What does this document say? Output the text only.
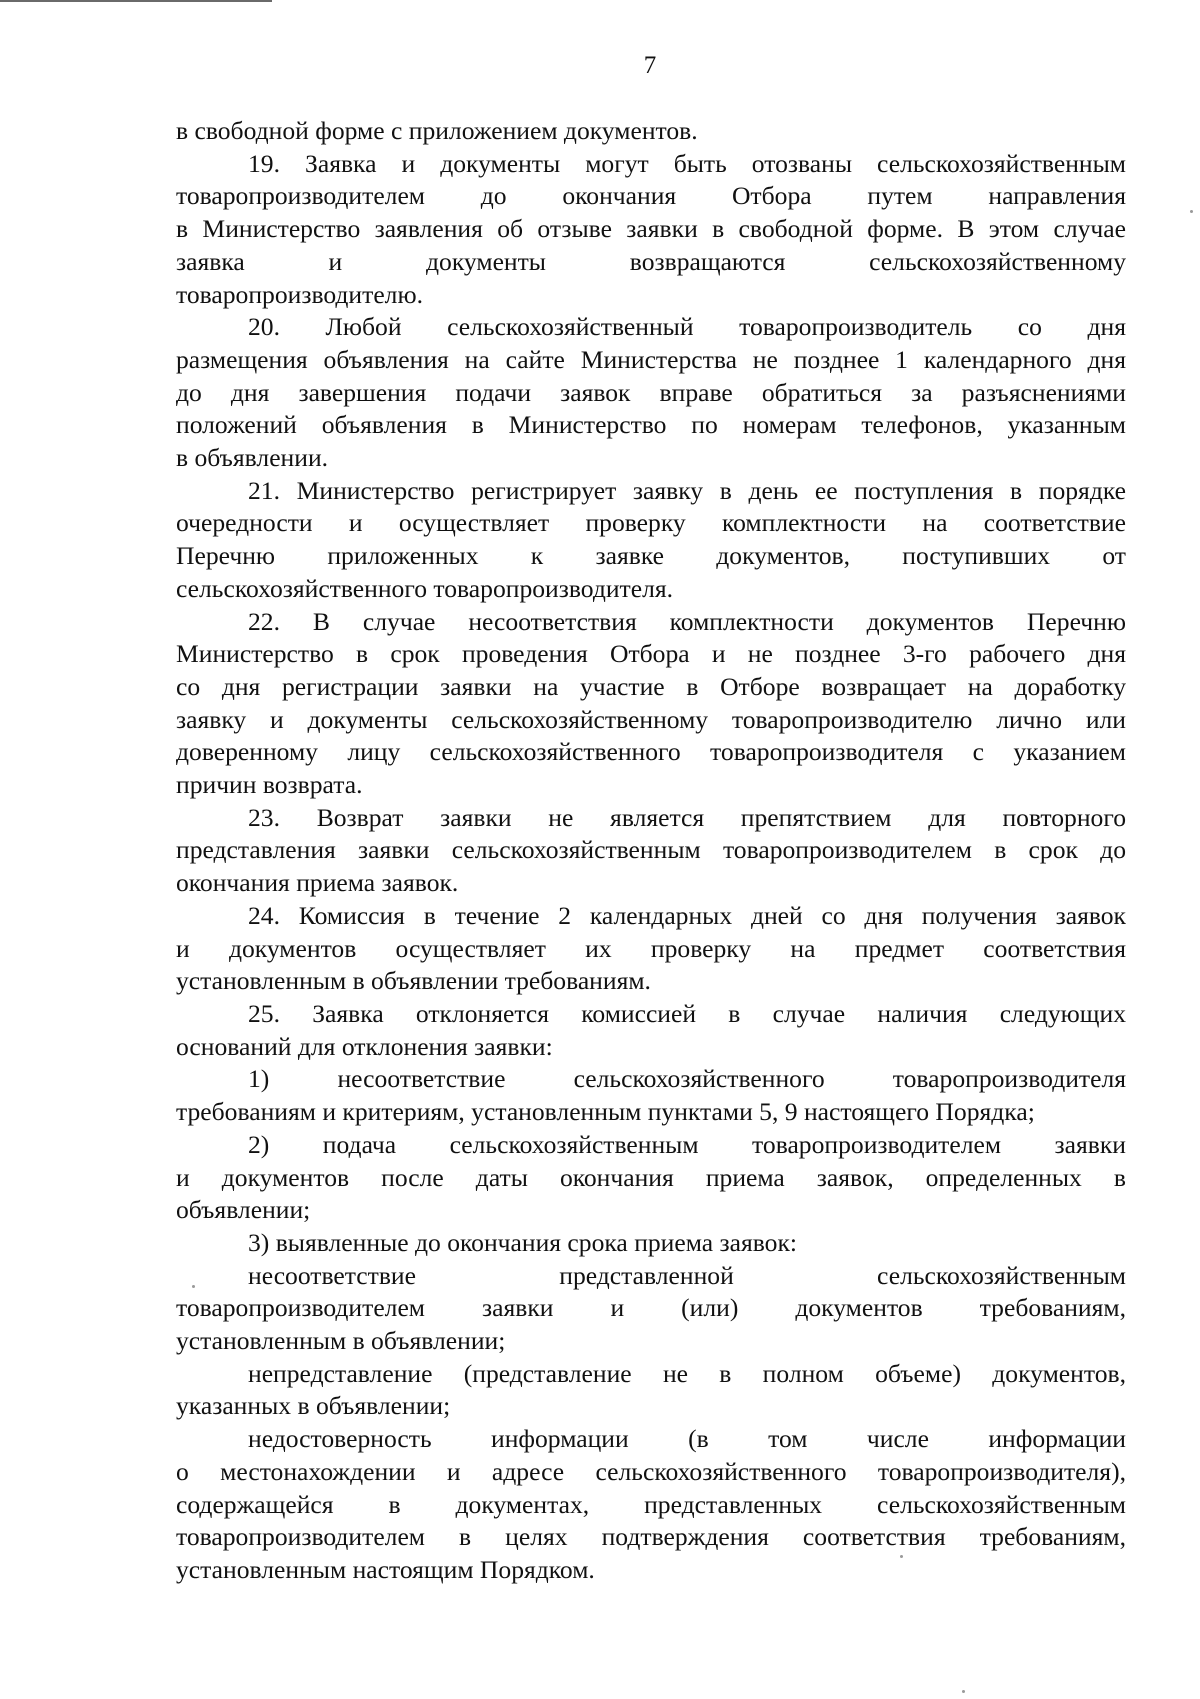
7

в свободной форме с приложением документов.

19. Заявка и документы могут быть отозваны сельскохозяйственным

товаропроизводителем до окончания Отбора путем направления

в Министерство заявления об отзыве заявки в свободной форме. В этом случае

заявка и документы возвращаются сельскохозяйственному

товаропроизводителю.

20. Любой сельскохозяйственный товаропроизводитель со дня

размещения объявления на сайте Министерства не позднее 1 календарного дня

до дня завершения подачи заявок вправе обратиться за разъяснениями

положений объявления в Министерство по номерам телефонов, указанным

в объявлении.

21. Министерство регистрирует заявку в день ее поступления в порядке

очередности и осуществляет проверку комплектности на соответствие

Перечню приложенных к заявке документов, поступивших от

сельскохозяйственного товаропроизводителя.

22. В случае несоответствия комплектности документов Перечню

Министерство в срок проведения Отбора и не позднее 3-го рабочего дня

со дня регистрации заявки на участие в Отборе возвращает на доработку

заявку и документы сельскохозяйственному товаропроизводителю лично или

доверенному лицу сельскохозяйственного товаропроизводителя с указанием

причин возврата.

23. Возврат заявки не является препятствием для повторного

представления заявки сельскохозяйственным товаропроизводителем в срок до

окончания приема заявок.

24. Комиссия в течение 2 календарных дней со дня получения заявок

и документов осуществляет их проверку на предмет соответствия

установленным в объявлении требованиям.

25. Заявка отклоняется комиссией в случае наличия следующих

оснований для отклонения заявки:

1) несоответствие сельскохозяйственного товаропроизводителя

требованиям и критериям, установленным пунктами 5, 9 настоящего Порядка;

2) подача сельскохозяйственным товаропроизводителем заявки

и документов после даты окончания приема заявок, определенных в

объявлении;

3) выявленные до окончания срока приема заявок:

несоответствие представленной сельскохозяйственным

товаропроизводителем заявки и (или) документов требованиям,

установленным в объявлении;

непредставление (представление не в полном объеме) документов,

указанных в объявлении;

недостоверность информации (в том числе информации

о местонахождении и адресе сельскохозяйственного товаропроизводителя),

содержащейся в документах, представленных сельскохозяйственным

товаропроизводителем в целях подтверждения соответствия требованиям,

установленным настоящим Порядком.
